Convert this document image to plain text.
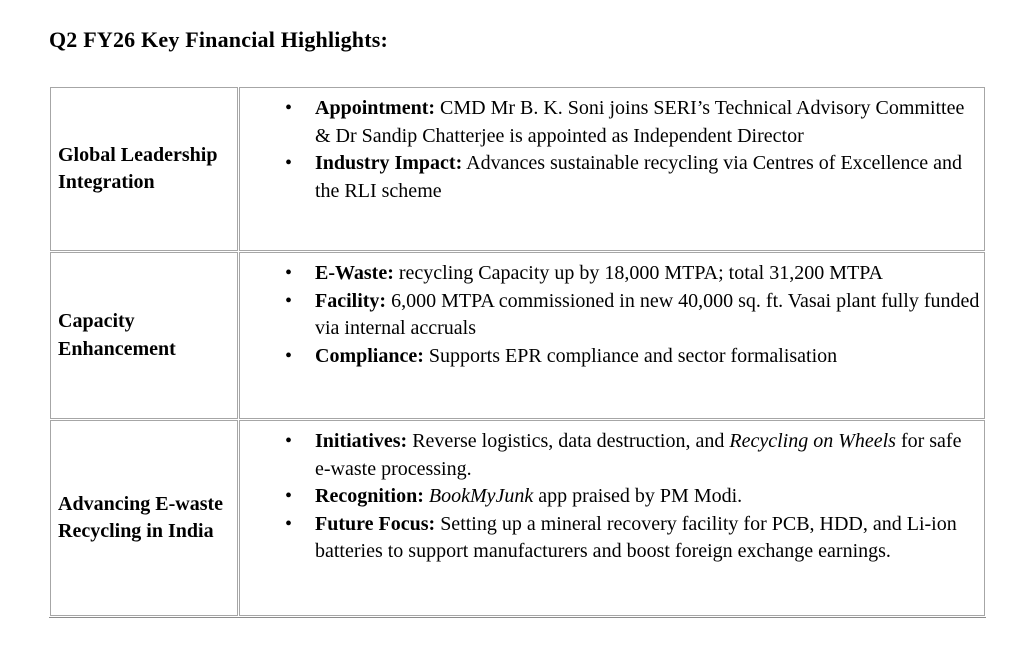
Q2 FY26 Key Financial Highlights:
Global Leadership Integration	
• Appointment: CMD Mr B. K. Soni joins SERI’s Technical Advisory Committee & Dr Sandip Chatterjee is appointed as Independent Director
• Industry Impact: Advances sustainable recycling via Centres of Excellence and the RLI scheme

Capacity Enhancement	
• E-Waste: recycling Capacity up by 18,000 MTPA; total 31,200 MTPA
• Facility: 6,000 MTPA commissioned in new 40,000 sq. ft. Vasai plant fully funded via internal accruals
• Compliance: Supports EPR compliance and sector formalisation

Advancing E-waste Recycling in India	
• Initiatives: Reverse logistics, data destruction, and Recycling on Wheels for safe e-waste processing.
• Recognition: BookMyJunk app praised by PM Modi.
• Future Focus: Setting up a mineral recovery facility for PCB, HDD, and Li-ion batteries to support manufacturers and boost foreign exchange earnings.
